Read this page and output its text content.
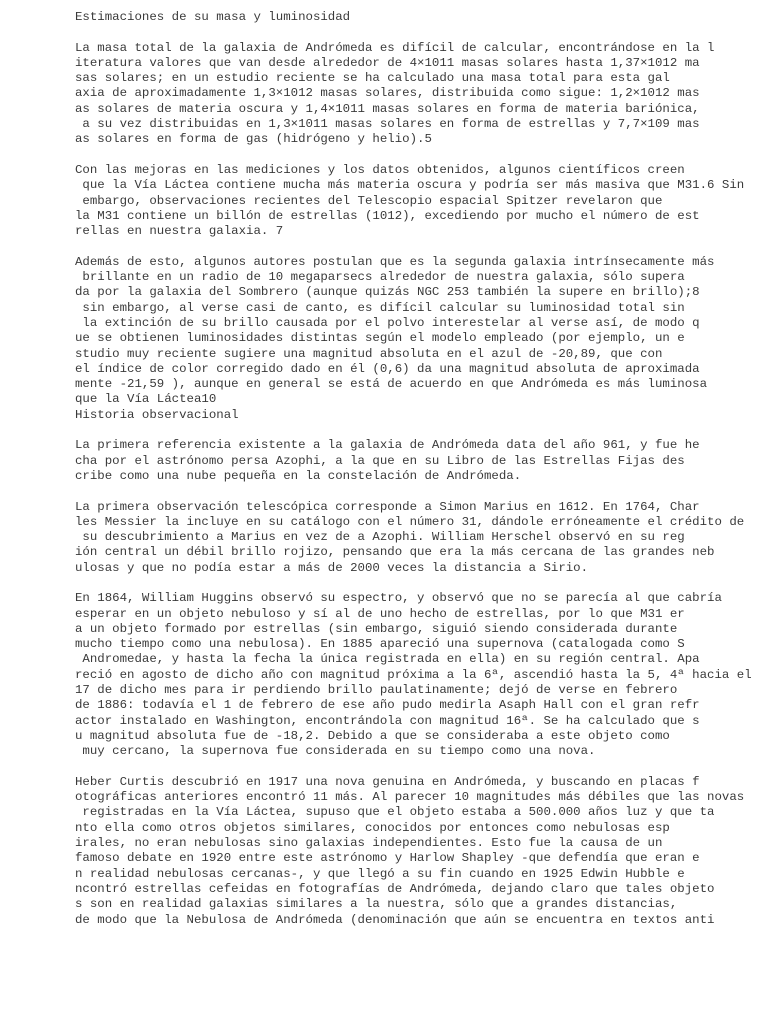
Estimaciones de su masa y luminosidad
La masa total de la galaxia de Andrómeda es difícil de calcular, encontrándose en la l
iteratura valores que van desde alrededor de 4×1011 masas solares hasta 1,37×1012 ma
sas solares; en un estudio reciente se ha calculado una masa total para esta gal
axia de aproximadamente 1,3×1012 masas solares, distribuida como sigue: 1,2×1012 mas
as solares de materia oscura y 1,4×1011 masas solares en forma de materia bariónica,
a su vez distribuidas en 1,3×1011 masas solares en forma de estrellas y 7,7×109 mas
as solares en forma de gas (hidrógeno y helio).5
Con las mejoras en las mediciones y los datos obtenidos, algunos científicos creen
que la Vía Láctea contiene mucha más materia oscura y podría ser más masiva que M31.6 Sin
embargo, observaciones recientes del Telescopio espacial Spitzer revelaron que
la M31 contiene un billón de estrellas (1012), excediendo por mucho el número de est
rellas en nuestra galaxia. 7
Además de esto, algunos autores postulan que es la segunda galaxia intrínsecamente más
brillante en un radio de 10 megaparsecs alrededor de nuestra galaxia, sólo supera
da por la galaxia del Sombrero (aunque quizás NGC 253 también la supere en brillo);8
sin embargo, al verse casi de canto, es difícil calcular su luminosidad total sin
la extinción de su brillo causada por el polvo interestelar al verse así, de modo q
ue se obtienen luminosidades distintas según el modelo empleado (por ejemplo, un e
studio muy reciente sugiere una magnitud absoluta en el azul de -20,89, que con
el índice de color corregido dado en él (0,6) da una magnitud absoluta de aproximada
mente -21,59 ), aunque en general se está de acuerdo en que Andrómeda es más luminosa
que la Vía Láctea10
Historia observacional
La primera referencia existente a la galaxia de Andrómeda data del año 961, y fue he
cha por el astrónomo persa Azophi, a la que en su Libro de las Estrellas Fijas des
cribe como una nube pequeña en la constelación de Andrómeda.
La primera observación telescópica corresponde a Simon Marius en 1612. En 1764, Char
les Messier la incluye en su catálogo con el número 31, dándole erróneamente el crédito de
su descubrimiento a Marius en vez de a Azophi. William Herschel observó en su reg
ión central un débil brillo rojizo, pensando que era la más cercana de las grandes neb
ulosas y que no podía estar a más de 2000 veces la distancia a Sirio.
En 1864, William Huggins observó su espectro, y observó que no se parecía al que cabría
esperar en un objeto nebuloso y sí al de uno hecho de estrellas, por lo que M31 er
a un objeto formado por estrellas (sin embargo, siguió siendo considerada durante
mucho tiempo como una nebulosa). En 1885 apareció una supernova (catalogada como S
Andromedae, y hasta la fecha la única registrada en ella) en su región central. Apa
reció en agosto de dicho año con magnitud próxima a la 6ª, ascendió hasta la 5, 4ª hacia el
17 de dicho mes para ir perdiendo brillo paulatinamente; dejó de verse en febrero
de 1886: todavía el 1 de febrero de ese año pudo medirla Asaph Hall con el gran refr
actor instalado en Washington, encontrándola con magnitud 16ª. Se ha calculado que s
u magnitud absoluta fue de -18,2. Debido a que se consideraba a este objeto como
muy cercano, la supernova fue considerada en su tiempo como una nova.
Heber Curtis descubrió en 1917 una nova genuina en Andrómeda, y buscando en placas f
otográficas anteriores encontró 11 más. Al parecer 10 magnitudes más débiles que las novas
registradas en la Vía Láctea, supuso que el objeto estaba a 500.000 años luz y que ta
nto ella como otros objetos similares, conocidos por entonces como nebulosas esp
irales, no eran nebulosas sino galaxias independientes. Esto fue la causa de un
famoso debate en 1920 entre este astrónomo y Harlow Shapley -que defendía que eran e
n realidad nebulosas cercanas-, y que llegó a su fin cuando en 1925 Edwin Hubble e
ncontró estrellas cefeidas en fotografías de Andrómeda, dejando claro que tales objeto
s son en realidad galaxias similares a la nuestra, sólo que a grandes distancias,
de modo que la Nebulosa de Andrómeda (denominación que aún se encuentra en textos anti
